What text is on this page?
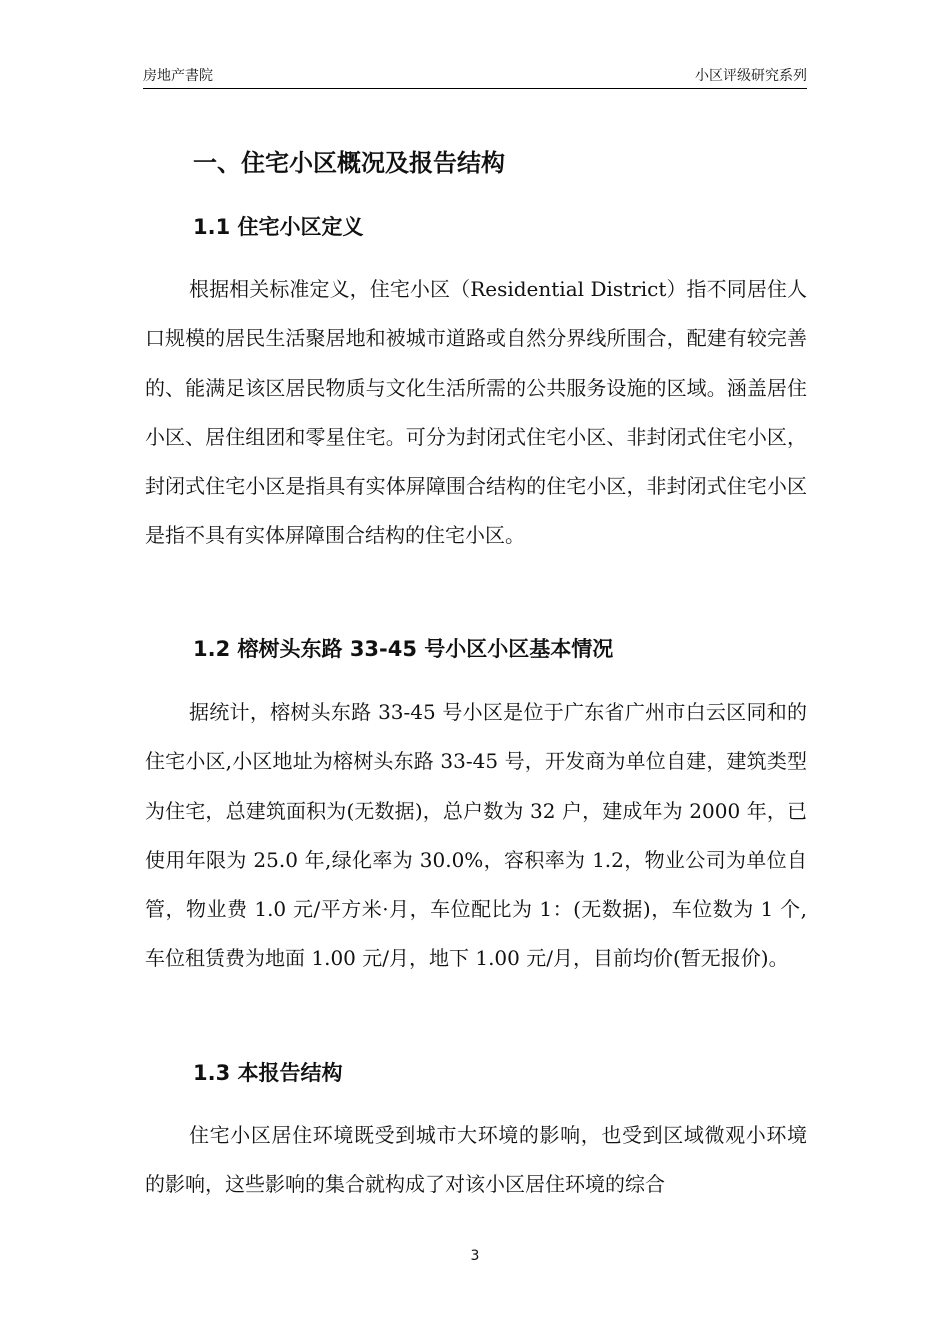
房地产書院	小区评级研究系列
一、住宅小区概况及报告结构
1.1 住宅小区定义

根据相关标准定义，住宅小区（Residential District）指不同居住人口规模的居民生活聚居地和被城市道路或自然分界线所围合，配建有较完善的、能满足该区居民物质与文化生活所需的公共服务设施的区域。涵盖居住小区、居住组团和零星住宅。可分为封闭式住宅小区、非封闭式住宅小区，封闭式住宅小区是指具有实体屏障围合结构的住宅小区，非封闭式住宅小区是指不具有实体屏障围合结构的住宅小区。

1.2 榕树头东路 33-45 号小区小区基本情况

据统计，榕树头东路 33-45 号小区是位于广东省广州市白云区同和的住宅小区,小区地址为榕树头东路 33-45 号，开发商为单位自建，建筑类型为住宅，总建筑面积为(无数据)，总户数为 32 户，建成年为 2000 年，已使用年限为 25.0 年,绿化率为 30.0%，容积率为 1.2，物业公司为单位自管，物业费 1.0 元/平方米·月，车位配比为 1：(无数据)，车位数为 1 个,车位租赁费为地面 1.00 元/月，地下 1.00 元/月，目前均价(暂无报价)。

1.3 本报告结构

住宅小区居住环境既受到城市大环境的影响，也受到区域微观小环境的影响，这些影响的集合就构成了对该小区居住环境的综合

3
